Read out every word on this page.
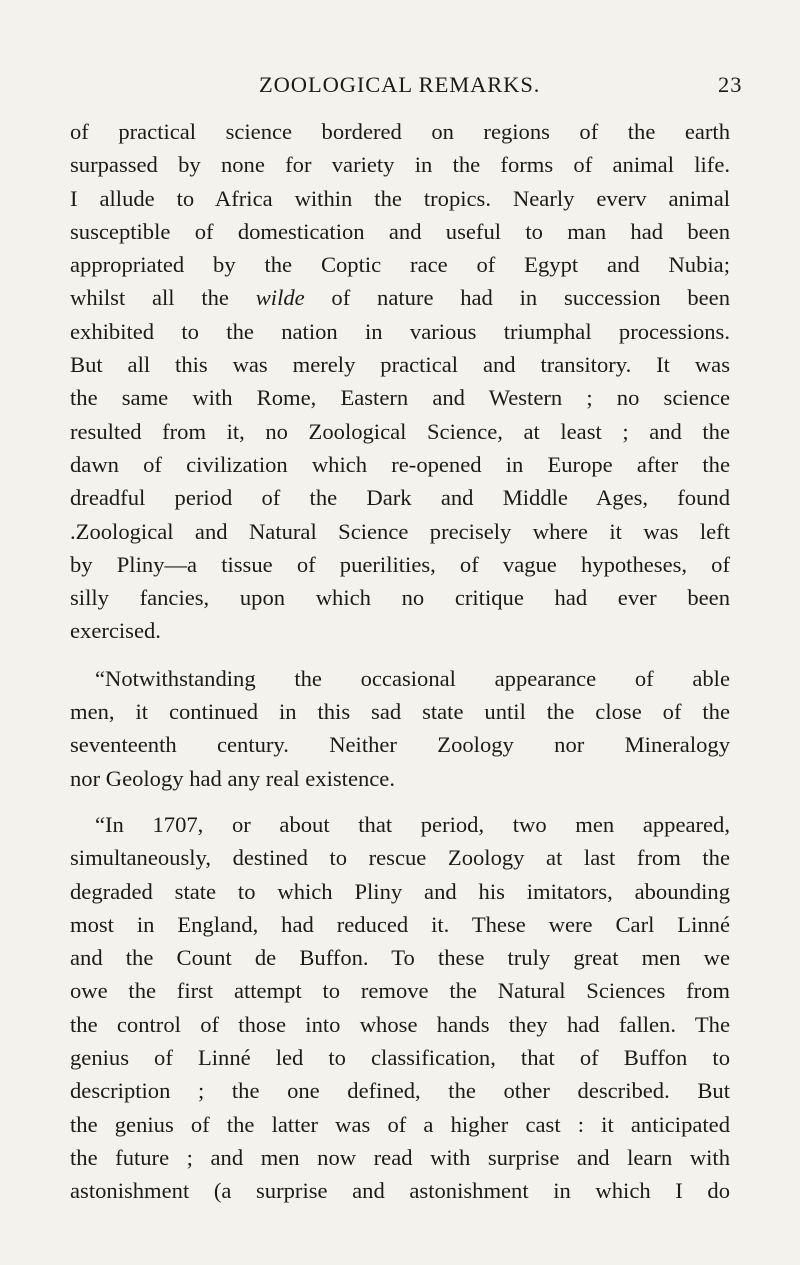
ZOOLOGICAL REMARKS.	23
of practical science bordered on regions of the earth
surpassed by none for variety in the forms of animal life.
I allude to Africa within the tropics. Nearly everv animal
susceptible of domestication and useful to man had been
appropriated by the Coptic race of Egypt and Nubia;
whilst all the wilde of nature had in succession been
exhibited to the nation in various triumphal processions.
But all this was merely practical and transitory. It was
the same with Rome, Eastern and Western ; no science
resulted from it, no Zoological Science, at least ; and the
dawn of civilization which re-opened in Europe after the
dreadful period of the Dark and Middle Ages, found
.Zoological and Natural Science precisely where it was left
by Pliny—a tissue of puerilities, of vague hypotheses, of
silly fancies, upon which no critique had ever been
exercised.
“Notwithstanding the occasional appearance of able
men, it continued in this sad state until the close of the
seventeenth century. Neither Zoology nor Mineralogy
nor Geology had any real existence.
“In 1707, or about that period, two men appeared,
simultaneously, destined to rescue Zoology at last from the
degraded state to which Pliny and his imitators, abounding
most in England, had reduced it. These were Carl Linné
and the Count de Buffon. To these truly great men we
owe the first attempt to remove the Natural Sciences from
the control of those into whose hands they had fallen. The
genius of Linné led to classification, that of Buffon to
description ; the one defined, the other described. But
the genius of the latter was of a higher cast : it anticipated
the future ; and men now read with surprise and learn with
astonishment (a surprise and astonishment in which I do
